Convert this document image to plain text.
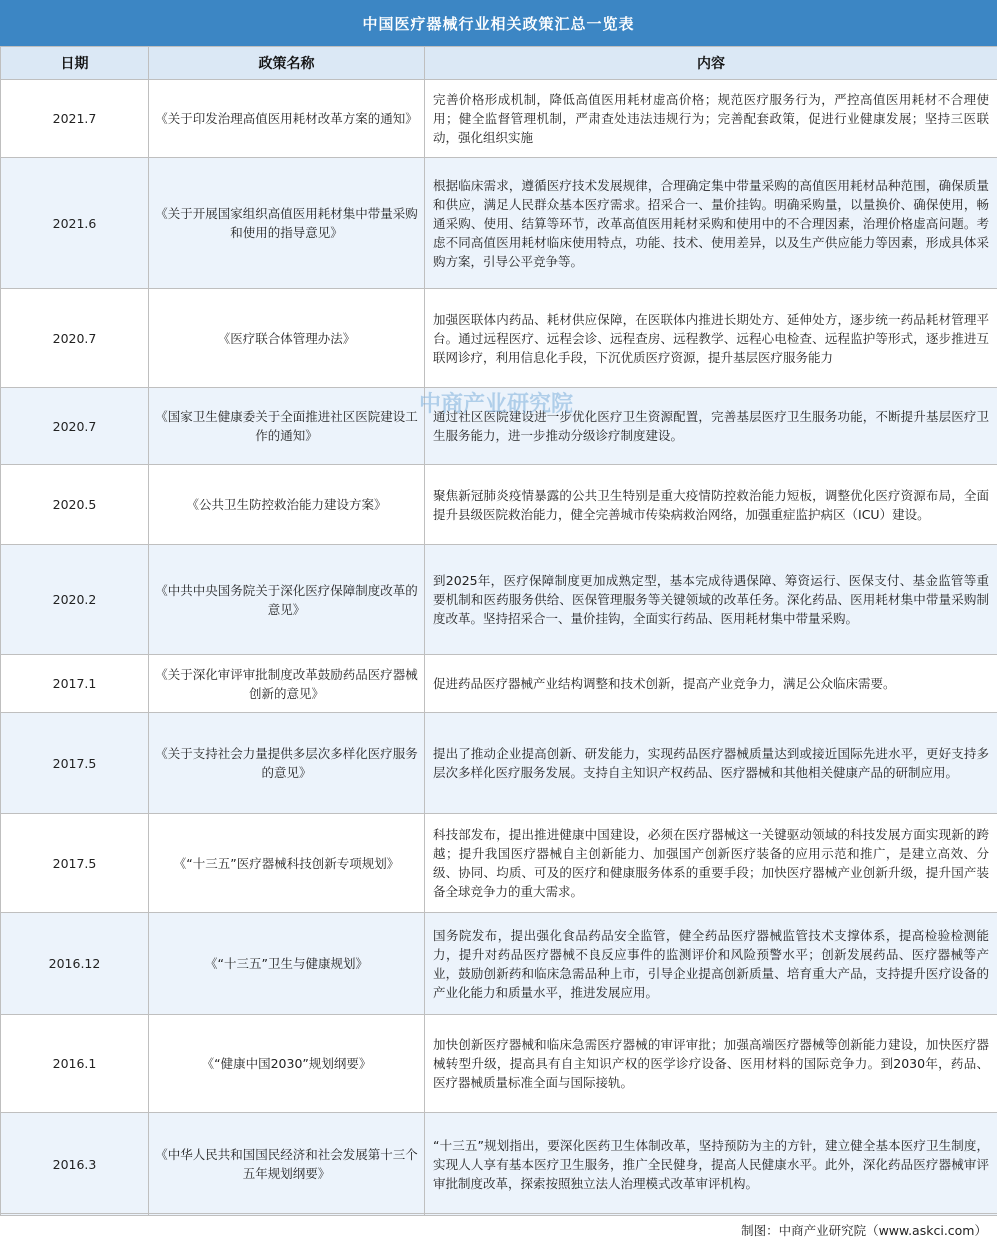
中国医疗器械行业相关政策汇总一览表
日期	政策名称	内容
2021.7	《关于印发治理高值医用耗材改革方案的通知》	完善价格形成机制，降低高值医用耗材虚高价格；规范医疗服务行为，严控高值医用耗材不合理使用；健全监督管理机制，严肃查处违法违规行为；完善配套政策，促进行业健康发展；坚持三医联动，强化组织实施
2021.6	《关于开展国家组织高值医用耗材集中带量采购和使用的指导意见》	根据临床需求，遵循医疗技术发展规律，合理确定集中带量采购的高值医用耗材品种范围，确保质量和供应，满足人民群众基本医疗需求。招采合一、量价挂钩。明确采购量，以量换价、确保使用，畅通采购、使用、结算等环节，改革高值医用耗材采购和使用中的不合理因素，治理价格虚高问题。考虑不同高值医用耗材临床使用特点，功能、技术、使用差异，以及生产供应能力等因素，形成具体采购方案，引导公平竞争等。
2020.7	《医疗联合体管理办法》	加强医联体内药品、耗材供应保障，在医联体内推进长期处方、延伸处方，逐步统一药品耗材管理平台。通过远程医疗、远程会诊、远程查房、远程教学、远程心电检查、远程监护等形式，逐步推进互联网诊疗，利用信息化手段，下沉优质医疗资源，提升基层医疗服务能力
2020.7	《国家卫生健康委关于全面推进社区医院建设工作的通知》	通过社区医院建设进一步优化医疗卫生资源配置，完善基层医疗卫生服务功能，不断提升基层医疗卫生服务能力，进一步推动分级诊疗制度建设。
2020.5	《公共卫生防控救治能力建设方案》	聚焦新冠肺炎疫情暴露的公共卫生特别是重大疫情防控救治能力短板，调整优化医疗资源布局，全面提升县级医院救治能力，健全完善城市传染病救治网络，加强重症监护病区（ICU）建设。
2020.2	《中共中央国务院关于深化医疗保障制度改革的意见》	到2025年，医疗保障制度更加成熟定型，基本完成待遇保障、筹资运行、医保支付、基金监管等重要机制和医药服务供给、医保管理服务等关键领域的改革任务。深化药品、医用耗材集中带量采购制度改革。坚持招采合一、量价挂钩，全面实行药品、医用耗材集中带量采购。
2017.1	《关于深化审评审批制度改革鼓励药品医疗器械创新的意见》	促进药品医疗器械产业结构调整和技术创新，提高产业竞争力，满足公众临床需要。
2017.5	《关于支持社会力量提供多层次多样化医疗服务的意见》	提出了推动企业提高创新、研发能力，实现药品医疗器械质量达到或接近国际先进水平，更好支持多层次多样化医疗服务发展。支持自主知识产权药品、医疗器械和其他相关健康产品的研制应用。
2017.5	《“十三五”医疗器械科技创新专项规划》	科技部发布，提出推进健康中国建设，必须在医疗器械这一关键驱动领域的科技发展方面实现新的跨越；提升我国医疗器械自主创新能力、加强国产创新医疗装备的应用示范和推广，是建立高效、分级、协同、均质、可及的医疗和健康服务体系的重要手段；加快医疗器械产业创新升级，提升国产装备全球竞争力的重大需求。
2016.12	《“十三五”卫生与健康规划》	国务院发布，提出强化食品药品安全监管，健全药品医疗器械监管技术支撑体系，提高检验检测能力，提升对药品医疗器械不良反应事件的监测评价和风险预警水平；创新发展药品、医疗器械等产业，鼓励创新药和临床急需品种上市，引导企业提高创新质量、培育重大产品，支持提升医疗设备的产业化能力和质量水平，推进发展应用。
2016.1	《“健康中国2030”规划纲要》	加快创新医疗器械和临床急需医疗器械的审评审批；加强高端医疗器械等创新能力建设，加快医疗器械转型升级，提高具有自主知识产权的医学诊疗设备、医用材料的国际竞争力。到2030年，药品、医疗器械质量标准全面与国际接轨。
2016.3	《中华人民共和国国民经济和社会发展第十三个五年规划纲要》	“十三五”规划指出，要深化医药卫生体制改革，坚持预防为主的方针，建立健全基本医疗卫生制度，实现人人享有基本医疗卫生服务，推广全民健身，提高人民健康水平。此外，深化药品医疗器械审评审批制度改革，探索按照独立法人治理模式改革审评机构。
中商产业研究院
制图：中商产业研究院（www.askci.com）
